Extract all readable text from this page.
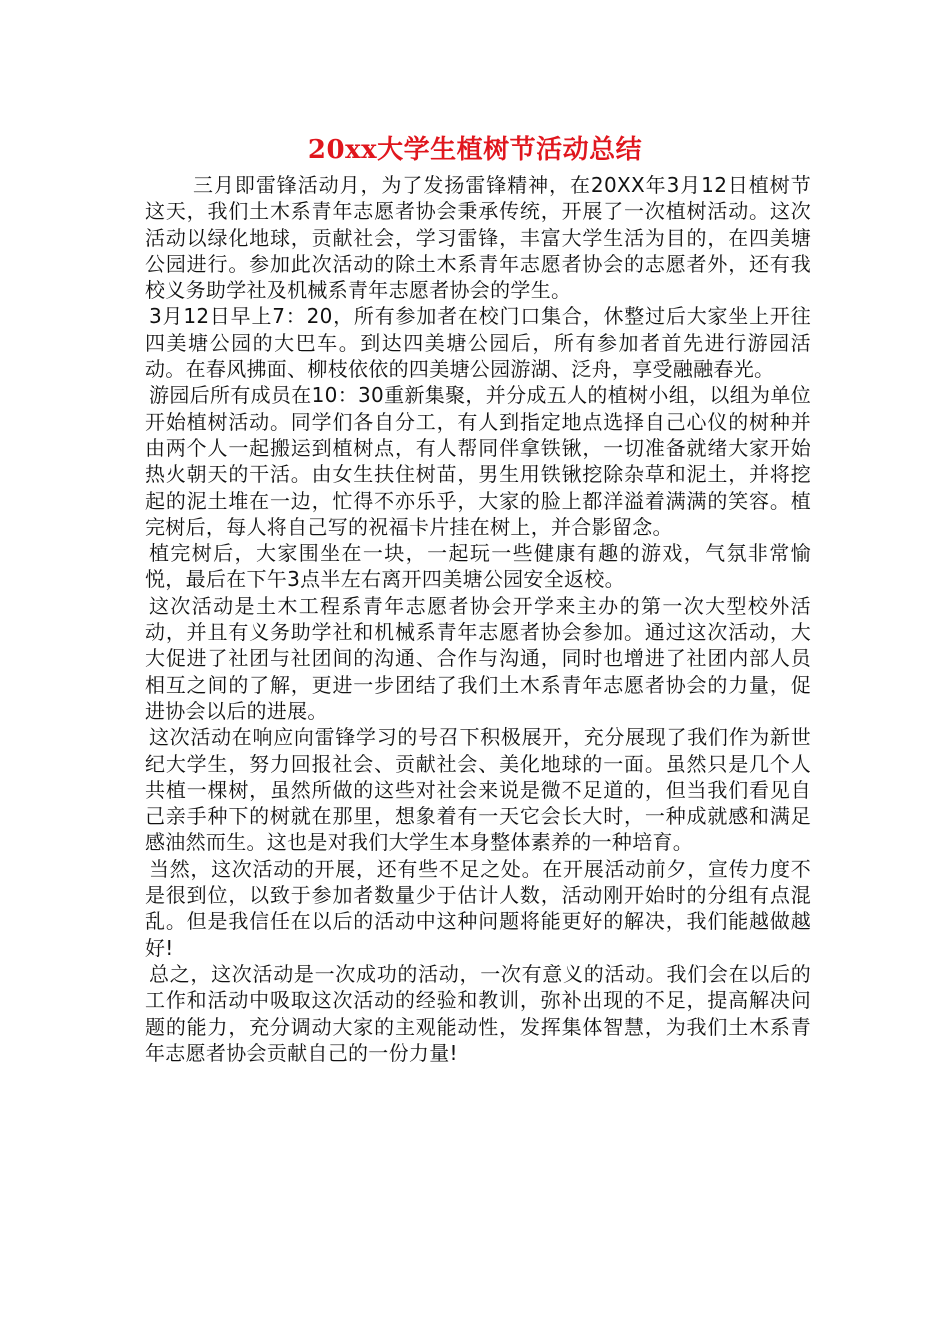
20xx大学生植树节活动总结

三月即雷锋活动月，为了发扬雷锋精神，在20XX年3月12日植树节这天，我们土木系青年志愿者协会秉承传统，开展了一次植树活动。这次活动以绿化地球，贡献社会，学习雷锋，丰富大学生活为目的，在四美塘公园进行。参加此次活动的除土木系青年志愿者协会的志愿者外，还有我校义务助学社及机械系青年志愿者协会的学生。

3月12日早上7：20，所有参加者在校门口集合，休整过后大家坐上开往四美塘公园的大巴车。到达四美塘公园后，所有参加者首先进行游园活动。在春风拂面、柳枝依依的四美塘公园游湖、泛舟，享受融融春光。

游园后所有成员在10：30重新集聚，并分成五人的植树小组，以组为单位开始植树活动。同学们各自分工，有人到指定地点选择自己心仪的树种并由两个人一起搬运到植树点，有人帮同伴拿铁锹，一切准备就绪大家开始热火朝天的干活。由女生扶住树苗，男生用铁锹挖除杂草和泥土，并将挖起的泥土堆在一边，忙得不亦乐乎，大家的脸上都洋溢着满满的笑容。植完树后，每人将自己写的祝福卡片挂在树上，并合影留念。

植完树后，大家围坐在一块，一起玩一些健康有趣的游戏，气氛非常愉悦，最后在下午3点半左右离开四美塘公园安全返校。

这次活动是土木工程系青年志愿者协会开学来主办的第一次大型校外活动，并且有义务助学社和机械系青年志愿者协会参加。通过这次活动，大大促进了社团与社团间的沟通、合作与沟通，同时也增进了社团内部人员相互之间的了解，更进一步团结了我们土木系青年志愿者协会的力量，促进协会以后的进展。

这次活动在响应向雷锋学习的号召下积极展开，充分展现了我们作为新世纪大学生，努力回报社会、贡献社会、美化地球的一面。虽然只是几个人共植一棵树，虽然所做的这些对社会来说是微不足道的，但当我们看见自己亲手种下的树就在那里，想象着有一天它会长大时，一种成就感和满足感油然而生。这也是对我们大学生本身整体素养的一种培育。

当然，这次活动的开展，还有些不足之处。在开展活动前夕，宣传力度不是很到位，以致于参加者数量少于估计人数，活动刚开始时的分组有点混乱。但是我信任在以后的活动中这种问题将能更好的解决，我们能越做越好!

总之，这次活动是一次成功的活动，一次有意义的活动。我们会在以后的工作和活动中吸取这次活动的经验和教训，弥补出现的不足，提高解决问题的能力，充分调动大家的主观能动性，发挥集体智慧，为我们土木系青年志愿者协会贡献自己的一份力量!
